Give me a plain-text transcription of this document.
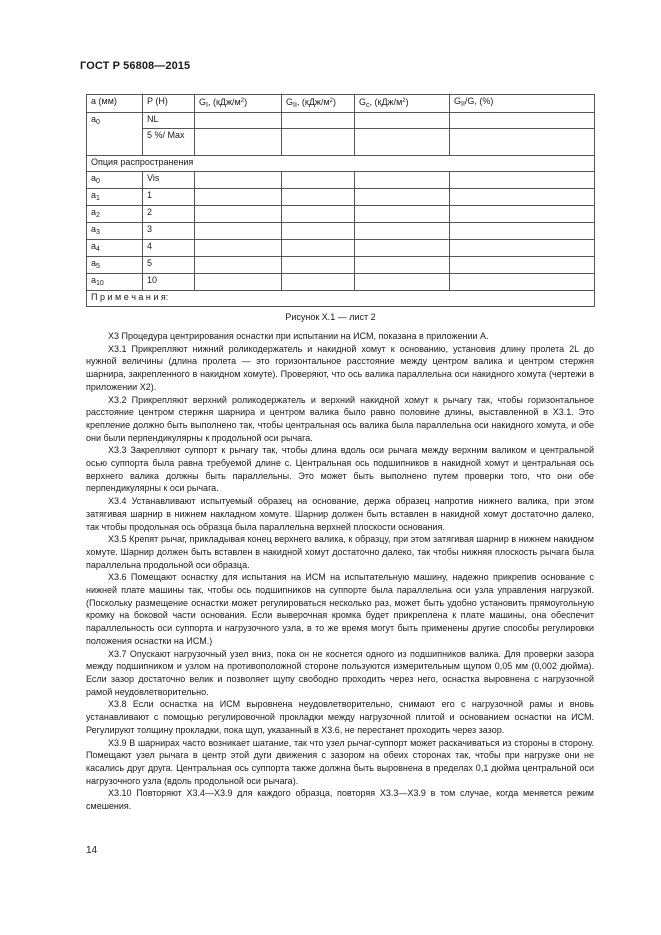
ГОСТ Р 56808—2015
a (мм)	P (H)	$G_I$, $(кДж/м^2)$	$G_{II}$, $(кДж/м^2)$	$G_c$, $(кДж/м^2)$	$G_{II}/G$, (%)
$a_0$	NL				
	5 %/ Max				
Опция распространения					
$a_0$	Vis				
$a_1$	1				
$a_2$	2				
$a_3$	3				
$a_4$	4				
$a_5$	5				
$a_{10}$	10				
П р и м е ч а н и я:					
Рисунок Х.1 — лист 2

Х3 Процедура центрирования оснастки при испытании на ИСМ, показана в приложении А.

Х3.1 Прикрепляют нижний роликодержатель и накидной хомут к основанию, установив длину пролета 2L до нужной величины (длина пролета — это горизонтальное расстояние между центром валика и центром стержня шарнира, закрепленного в накидном хомуте). Проверяют, что ось валика параллельна оси накидного хомута (чертежи в приложении Х2).

Х3.2 Прикрепляют верхний роликодержатель и верхний накидной хомут к рычагу так, чтобы горизонтальное расстояние центром стержня шарнира и центром валика было равно половине длины, выставленной в Х3.1. Это крепление должно быть выполнено так, чтобы центральная ось валика была параллельна оси накидного хомута, и обе они были перпендикулярны к продольной оси рычага.

Х3.3 Закрепляют суппорт к рычагу так, чтобы длина вдоль оси рычага между верхним валиком и центральной осью суппорта была равна требуемой длине c. Центральная ось подшипников в накидной хомут и центральная ось верхнего валика должны быть параллельны. Это может быть выполнено путем проверки того, что они обе перпендикулярны к оси рычага.

Х3.4 Устанавливают испытуемый образец на основание, держа образец напротив нижнего валика, при этом затягивая шарнир в нижнем накладном хомуте. Шарнир должен быть вставлен в накидной хомут достаточно далеко, так чтобы продольная ось образца была параллельна верхней плоскости основания.

Х3.5 Крепят рычаг, прикладывая конец верхнего валика, к образцу, при этом затягивая шарнир в нижнем накидном хомуте. Шарнир должен быть вставлен в накидной хомут достаточно далеко, так чтобы нижняя плоскость рычага была параллельна продольной оси образца.

Х3.6 Помещают оснастку для испытания на ИСМ на испытательную машину, надежно прикрепив основание с нижней плате машины так, чтобы ось подшипников на суппорте была параллельна оси узла управления нагрузкой. (Поскольку размещение оснастки может регулироваться несколько раз, может быть удобно установить прямоугольную кромку на боковой части основания. Если выверочная кромка будет прикреплена к плате машины, она обеспечит параллельность оси суппорта и нагрузочного узла, в то же время могут быть применены другие способы регулировки положения оснастки на ИСМ.)

Х3.7 Опускают нагрузочный узел вниз, пока он не коснется одного из подшипников валика. Для проверки зазора между подшипником и узлом на противоположной стороне пользуются измерительным щупом 0,05 мм (0,002 дюйма). Если зазор достаточно велик и позволяет щупу свободно проходить через него, оснастка выровнена с нагрузочной рамой неудовлетворительно.

Х3.8 Если оснастка на ИСМ выровнена неудовлетворительно, снимают его с нагрузочной рамы и вновь устанавливают с помощью регулировочной прокладки между нагрузочной плитой и основанием оснастки на ИСМ. Регулируют толщину прокладки, пока щуп, указанный в Х3.6, не перестанет проходить через зазор.

Х3.9 В шарнирах часто возникает шатание, так что узел рычаг-суппорт может раскачиваться из стороны в сторону. Помещают узел рычага в центр этой дуги движения с зазором на обеих сторонах так, чтобы при нагрузке они не касались друг друга. Центральная ось суппорта также должна быть выровнена в пределах 0,1 дюйма центральной оси нагрузочного узла (вдоль продольной оси рычага).

Х3.10 Повторяют Х3.4—Х3.9 для каждого образца, повторяя Х3.3—Х3.9 в том случае, когда меняется режим смешения.

14
